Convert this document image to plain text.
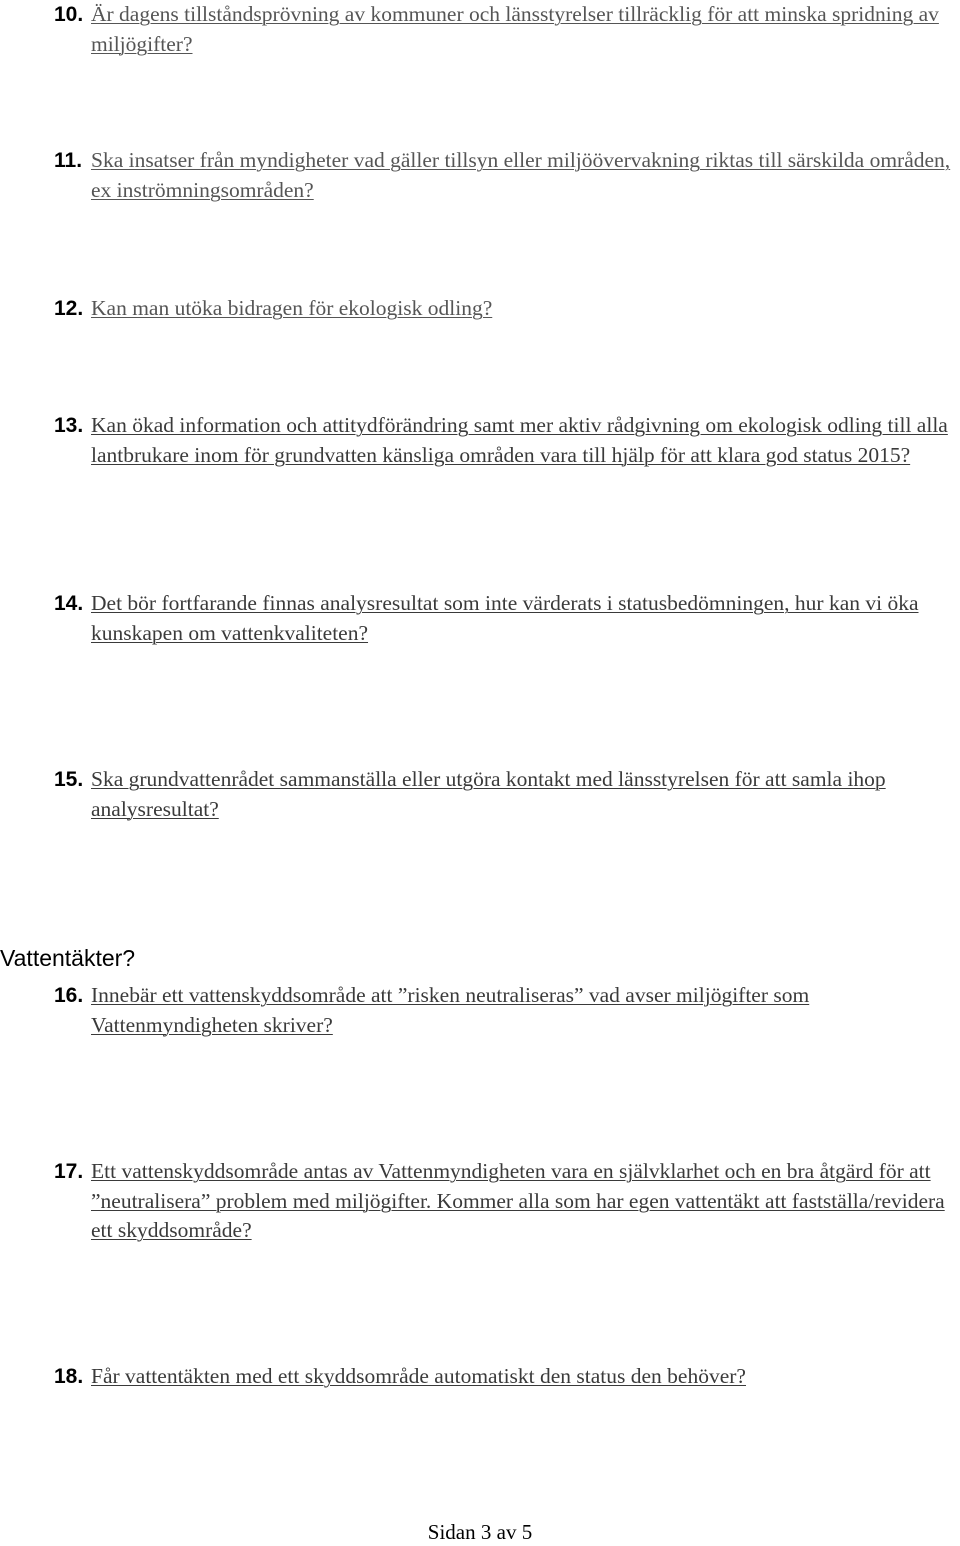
10. Är dagens tillståndsprövning av kommuner och länsstyrelser tillräcklig för att minska spridning av miljögifter?
11. Ska insatser från myndigheter vad gäller tillsyn eller miljöövervakning riktas till särskilda områden, ex inströmningsområden?
12. Kan man utöka bidragen för ekologisk odling?
13. Kan ökad information och attitydförändring samt mer aktiv rådgivning om ekologisk odling till alla lantbrukare inom för grundvatten känsliga områden vara till hjälp för att klara god status 2015?
14. Det bör fortfarande finnas analysresultat som inte värderats i statusbedömningen, hur kan vi öka kunskapen om vattenkvaliteten?
15. Ska grundvattenrådet sammanställa eller utgöra kontakt med länsstyrelsen för att samla ihop analysresultat?
Vattentäkter?
16. Innebär ett vattenskyddsområde att ”risken neutraliseras” vad avser miljögifter som Vattenmyndigheten skriver?
17. Ett vattenskyddsområde antas av Vattenmyndigheten vara en självklarhet och en bra åtgärd för att ”neutralisera” problem med miljögifter. Kommer alla som har egen vattentäkt att fastställa/revidera ett skyddsområde?
18. Får vattentäkten med ett skyddsområde automatiskt den status den behöver?
Sidan 3 av 5
